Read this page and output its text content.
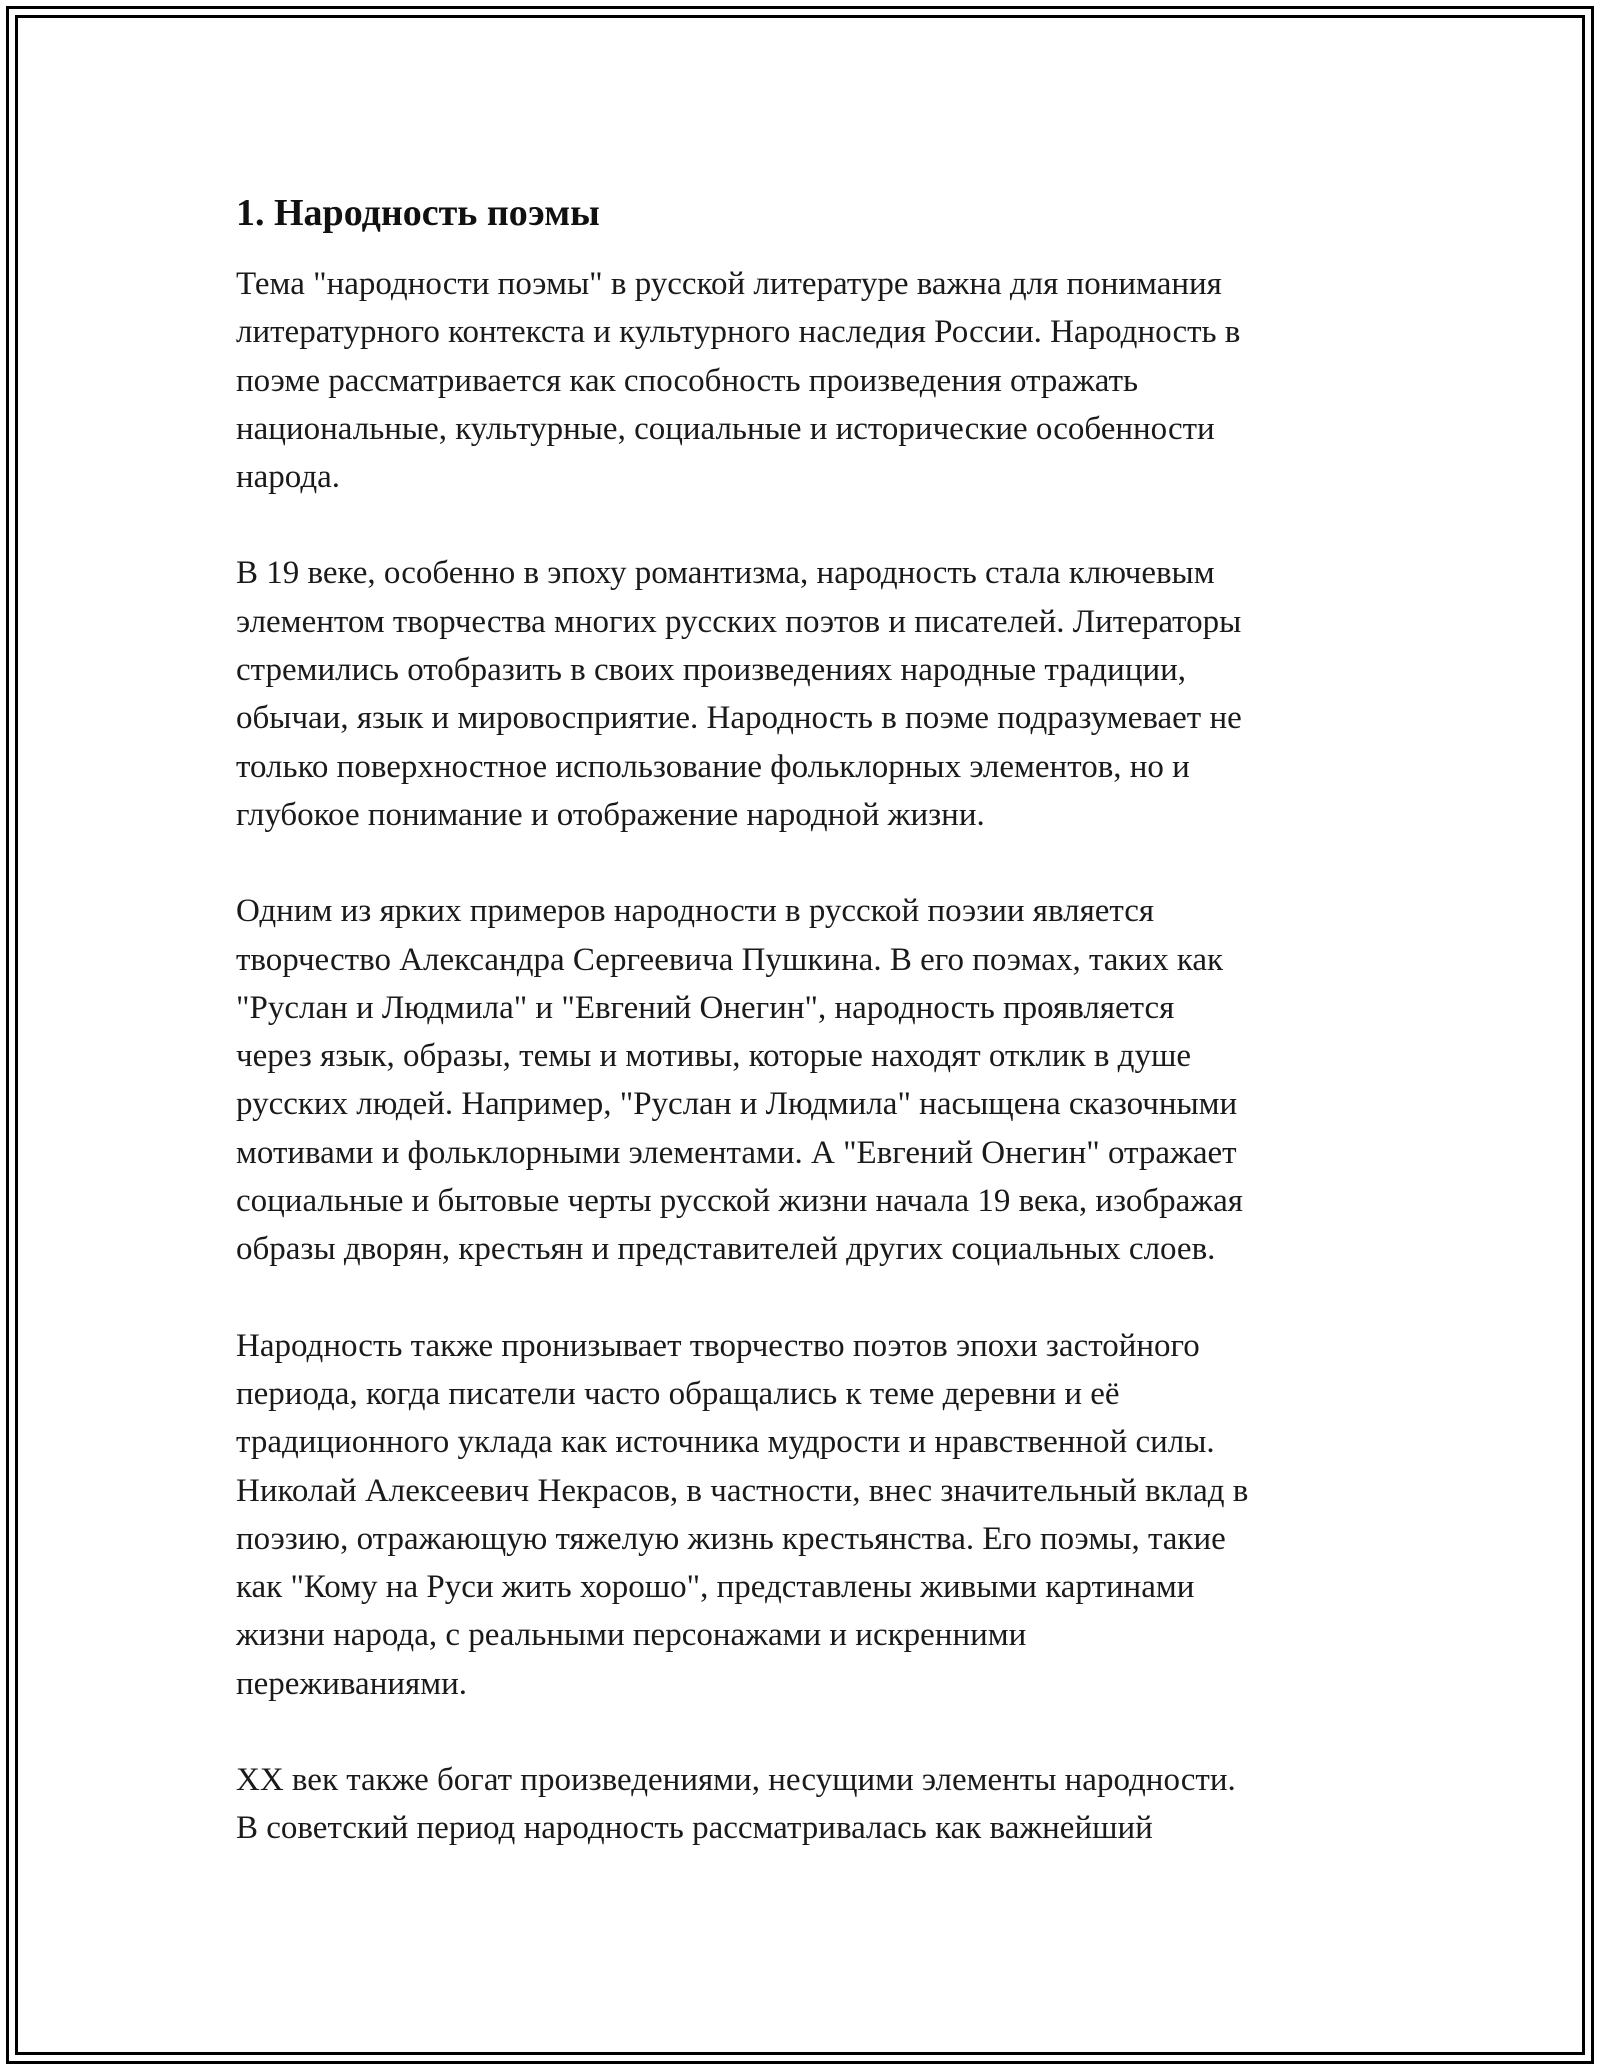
1. Народность поэмы
Тема "народности поэмы" в русской литературе важна для понимания
литературного контекста и культурного наследия России. Народность в
поэме рассматривается как способность произведения отражать
национальные, культурные, социальные и исторические особенности
народа.
В 19 веке, особенно в эпоху романтизма, народность стала ключевым
элементом творчества многих русских поэтов и писателей. Литераторы
стремились отобразить в своих произведениях народные традиции,
обычаи, язык и мировосприятие. Народность в поэме подразумевает не
только поверхностное использование фольклорных элементов, но и
глубокое понимание и отображение народной жизни.
Одним из ярких примеров народности в русской поэзии является
творчество Александра Сергеевича Пушкина. В его поэмах, таких как
"Руслан и Людмила" и "Евгений Онегин", народность проявляется
через язык, образы, темы и мотивы, которые находят отклик в душе
русских людей. Например, "Руслан и Людмила" насыщена сказочными
мотивами и фольклорными элементами. А "Евгений Онегин" отражает
социальные и бытовые черты русской жизни начала 19 века, изображая
образы дворян, крестьян и представителей других социальных слоев.
Народность также пронизывает творчество поэтов эпохи застойного
периода, когда писатели часто обращались к теме деревни и её
традиционного уклада как источника мудрости и нравственной силы.
Николай Алексеевич Некрасов, в частности, внес значительный вклад в
поэзию, отражающую тяжелую жизнь крестьянства. Его поэмы, такие
как "Кому на Руси жить хорошо", представлены живыми картинами
жизни народа, с реальными персонажами и искренними
переживаниями.
XX век также богат произведениями, несущими элементы народности.
В советский период народность рассматривалась как важнейший
